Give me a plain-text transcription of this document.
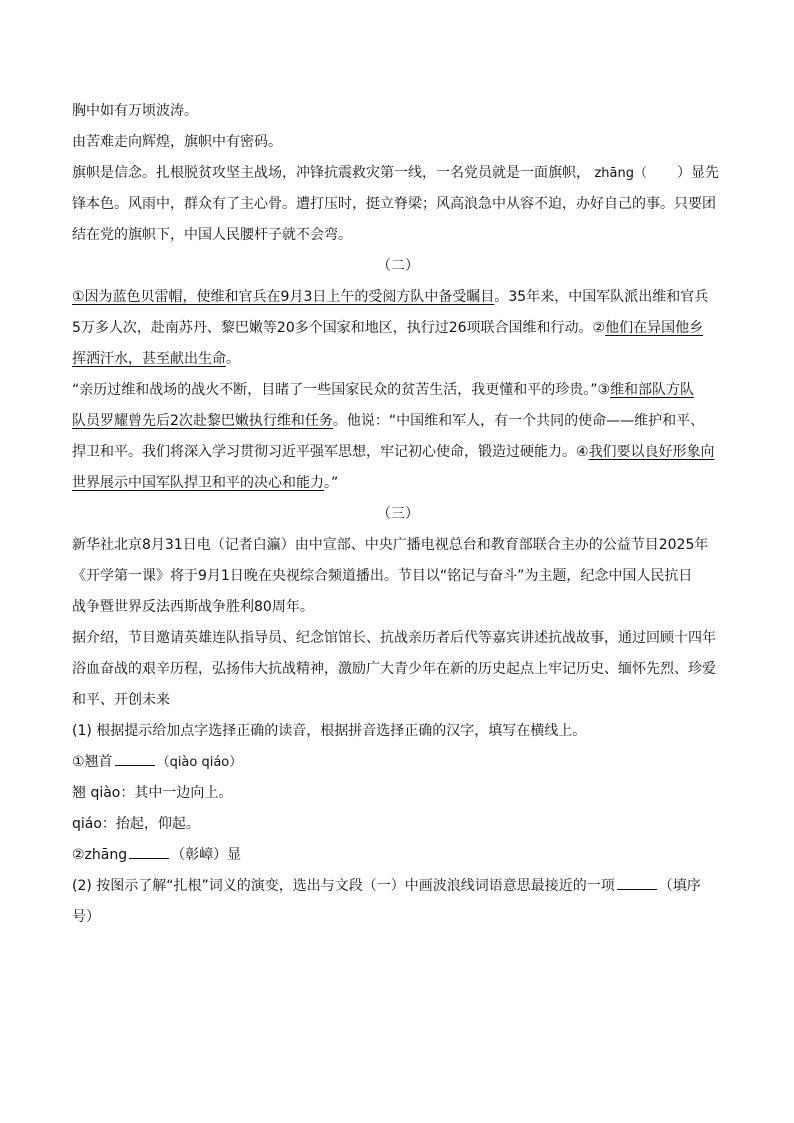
胸中如有万顷波涛。
由苦难走向辉煌，旗帜中有密码。
旗帜是信念。扎根脱贫攻坚主战场，冲锋抗震救灾第一线，一名党员就是一面旗帜， zhāng（ ）显先
锋本色。风雨中，群众有了主心骨。遭打压时，挺立脊梁；风高浪急中从容不迫，办好自己的事。只要团
结在党的旗帜下，中国人民腰杆子就不会弯。
（二）
①因为蓝色贝雷帽，使维和官兵在9月3日上午的受阅方队中备受瞩目。35年来，中国军队派出维和官兵
5万多人次，赴南苏丹、黎巴嫩等20多个国家和地区，执行过26项联合国维和行动。②他们在异国他乡
挥洒汗水，甚至献出生命。
“亲历过维和战场的战火不断，目睹了一些国家民众的贫苦生活，我更懂和平的珍贵。”③维和部队方队
队员罗耀曾先后2次赴黎巴嫩执行维和任务。他说：“中国维和军人，有一个共同的使命——维护和平、
捍卫和平。我们将深入学习贯彻习近平强军思想，牢记初心使命，锻造过硬能力。④我们要以良好形象向
世界展示中国军队捍卫和平的决心和能力。”
（三）
新华社北京8月31日电（记者白瀛）由中宣部、中央广播电视总台和教育部联合主办的公益节目2025年
《开学第一课》将于9月1日晚在央视综合频道播出。节目以“铭记与奋斗”为主题，纪念中国人民抗日
战争暨世界反法西斯战争胜利80周年。
据介绍，节目邀请英雄连队指导员、纪念馆馆长、抗战亲历者后代等嘉宾讲述抗战故事，通过回顾十四年
浴血奋战的艰辛历程，弘扬伟大抗战精神，激励广大青少年在新的历史起点上牢记历史、缅怀先烈、珍爱
和平、开创未来
(1) 根据提示给加点字选择正确的读音，根据拼音选择正确的汉字，填写在横线上。
①翘首	（qiào qiáo）
翘 qiào：其中一边向上。
qiáo：抬起，仰起。
②zhāng	（彰嶂）显
(2) 按图示了解“扎根”词义的演变，选出与文段（一）中画波浪线词语意思最接近的一项	（填序
号）
